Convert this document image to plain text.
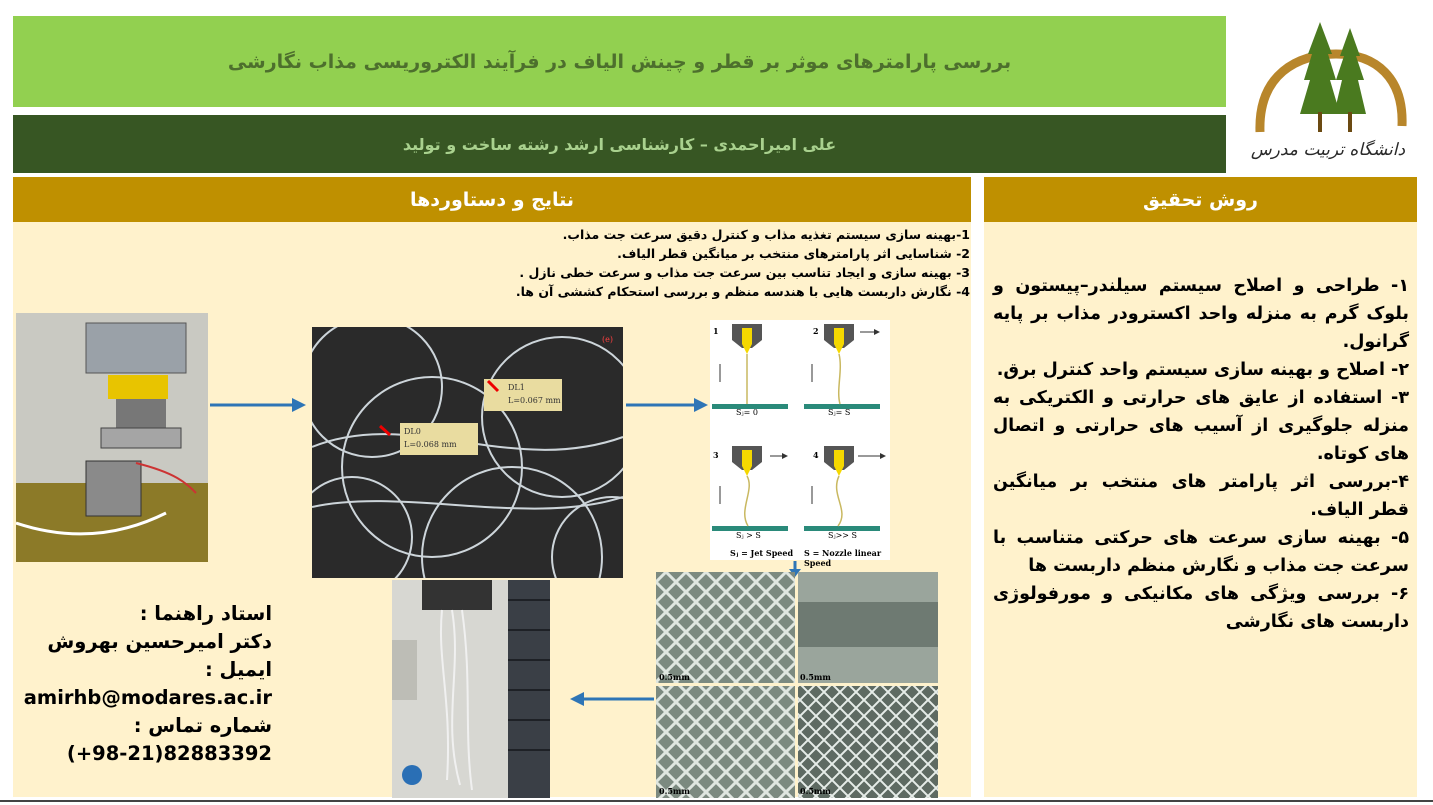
بررسی پارامترهای موثر بر قطر و چینش الیاف در فرآیند الکتروریسی مذاب نگارشی
علی امیراحمدی – کارشناسی ارشد رشته ساخت و تولید	دانشگاه تربیت مدرس
نتایج و دستاوردها
1-بهینه سازی سیستم تغذیه مذاب و کنترل دقیق سرعت جت مذاب.
2- شناسایی اثر پارامترهای منتخب بر میانگین قطر الیاف.
3- بهینه سازی و ایجاد تناسب بین سرعت جت مذاب و سرعت خطی نازل .
4- نگارش داربست هایی با هندسه منظم و بررسی استحکام کششی آن ها.
(e)
DL1
L=0.067 mm
DL0
L=0.068 mm
1	2
3	4
Sⱼ= 0	Sⱼ= S
Sⱼ > S	Sⱼ>> S
Sⱼ = Jet Speed S = Nozzle linear Speed
0.5mm	0.5mm
0.5mm	0.5mm
استاد راهنما :
دکتر امیرحسین بهروش
ایمیل :
amirhb@modares.ac.ir
شماره تماس :
(+98-21)82883392
روش تحقیق
۱- طراحی و اصلاح سیستم سیلندر–پیستون و بلوک گرم به منزله واحد اکسترودر مذاب بر پایه گرانول.
۲- اصلاح و بهینه سازی سیستم واحد کنترل برق.
۳- استفاده از عایق های حرارتی و الکتریکی به منزله جلوگیری از آسیب های حرارتی و اتصال های کوتاه.
۴-بررسی اثر پارامتر های منتخب بر میانگین قطر الیاف.
۵- بهینه سازی سرعت های حرکتی متناسب با سرعت جت مذاب و نگارش منظم داربست ها
۶- بررسی ویژگی های مکانیکی و مورفولوژی داربست های نگارشی
